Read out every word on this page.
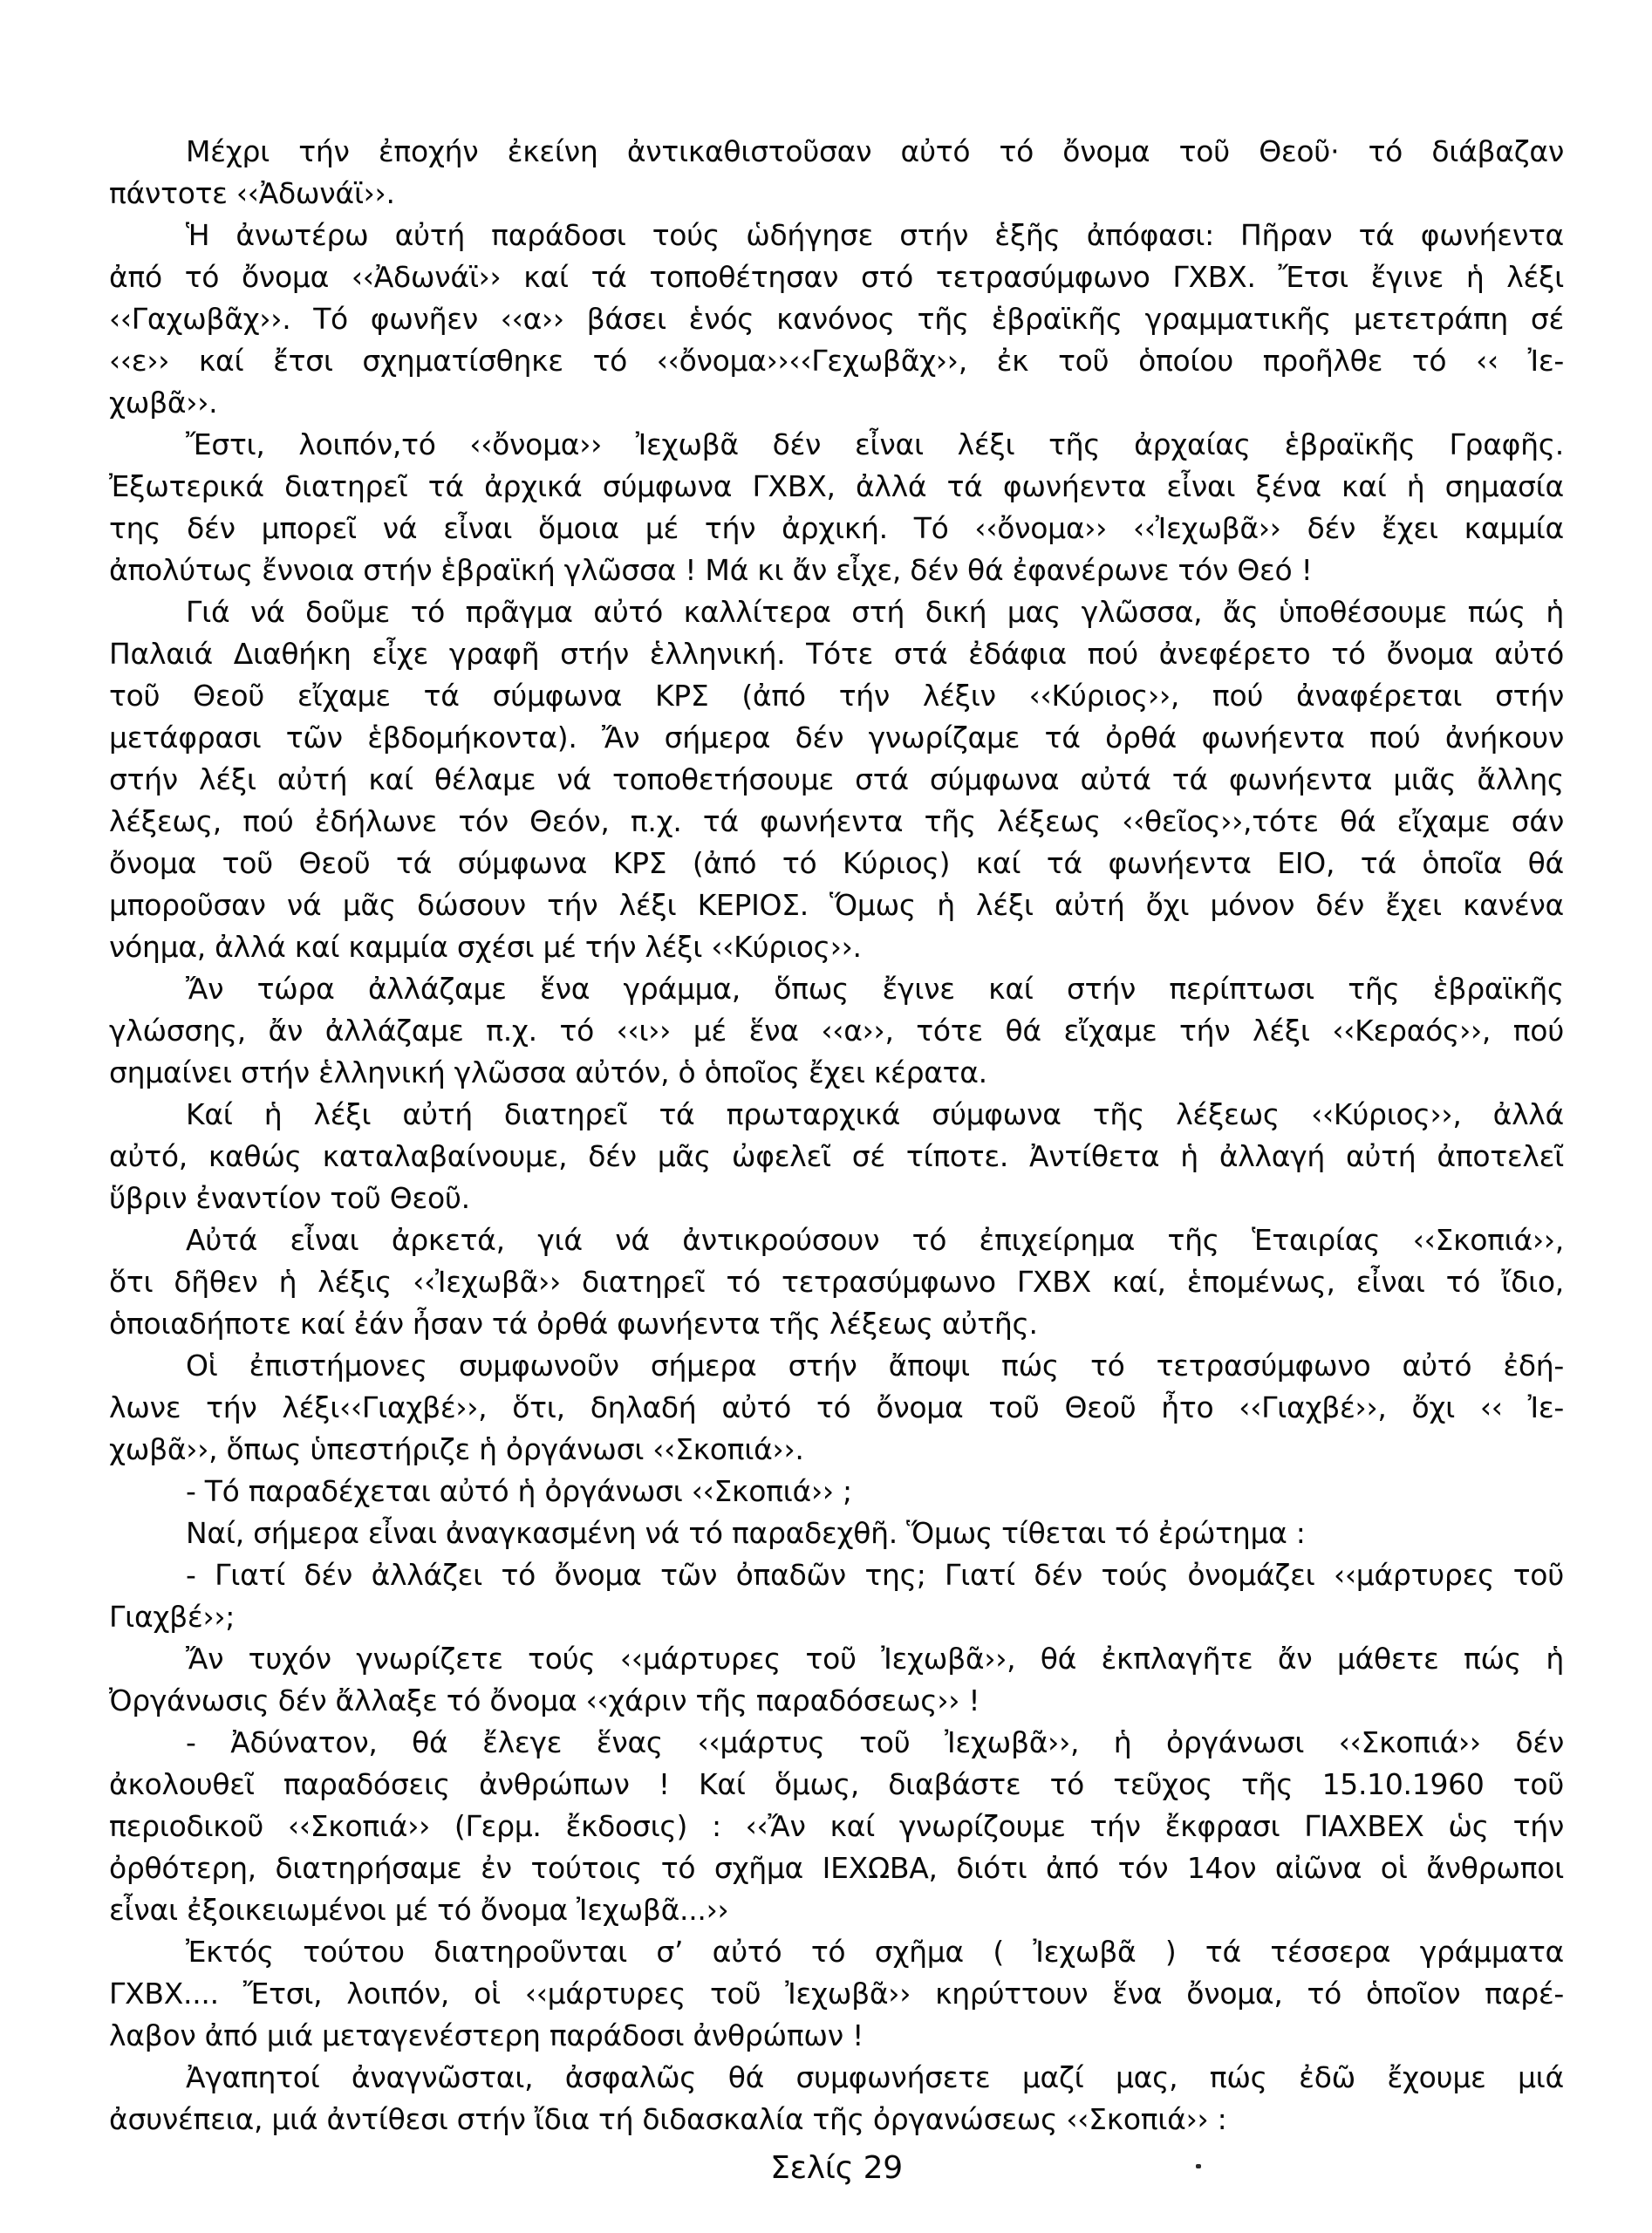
Μέχρι τήν ἐποχήν ἐκείνη ἀντικαθιστοῦσαν αὐτό τό ὄνομα τοῦ Θεοῦ· τό διάβαζαν
πάντοτε ‹‹Ἀδωνάϊ››.
Ἡ ἀνωτέρω αὐτή παράδοσι τούς ὡδήγησε στήν ἑξῆς ἀπόφασι: Πῆραν τά φωνήεντα
ἀπό τό ὄνομα ‹‹Ἀδωνάϊ›› καί τά τοποθέτησαν στό τετρασύμφωνο ΓΧΒΧ. Ἔτσι ἔγινε ἡ λέξι
‹‹Γαχωβᾶχ››. Τό φωνῆεν ‹‹α›› βάσει ἑνός κανόνος τῆς ἑβραϊκῆς γραμματικῆς μετετράπη σέ
‹‹ε›› καί ἔτσι σχηματίσθηκε τό ‹‹ὄνομα››‹‹Γεχωβᾶχ››, ἐκ τοῦ ὁποίου προῆλθε τό ‹‹ Ἰε-
χωβᾶ››.
Ἔστι, λοιπόν,τό ‹‹ὄνομα›› Ἰεχωβᾶ δέν εἶναι λέξι τῆς ἀρχαίας ἑβραϊκῆς Γραφῆς.
Ἐξωτερικά διατηρεῖ τά ἀρχικά σύμφωνα ΓΧΒΧ, ἀλλά τά φωνήεντα εἶναι ξένα καί ἡ σημασία
της δέν μπορεῖ νά εἶναι ὅμοια μέ τήν ἀρχική. Τό ‹‹ὄνομα›› ‹‹Ἰεχωβᾶ›› δέν ἔχει καμμία
ἀπολύτως ἔννοια στήν ἑβραϊκή γλῶσσα ! Μά κι ἄν εἶχε, δέν θά ἐφανέρωνε τόν Θεό !
Γιά νά δοῦμε τό πρᾶγμα αὐτό καλλίτερα στή δική μας γλῶσσα, ἄς ὑποθέσουμε πώς ἡ
Παλαιά Διαθήκη εἶχε γραφῆ στήν ἑλληνική. Τότε στά ἐδάφια πού ἀνεφέρετο τό ὄνομα αὐτό
τοῦ Θεοῦ εἴχαμε τά σύμφωνα ΚΡΣ (ἀπό τήν λέξιν ‹‹Κύριος››, πού ἀναφέρεται στήν
μετάφρασι τῶν ἑβδομήκοντα). Ἄν σήμερα δέν γνωρίζαμε τά ὀρθά φωνήεντα πού ἀνήκουν
στήν λέξι αὐτή καί θέλαμε νά τοποθετήσουμε στά σύμφωνα αὐτά τά φωνήεντα μιᾶς ἄλλης
λέξεως, πού ἐδήλωνε τόν Θεόν, π.χ. τά φωνήεντα τῆς λέξεως ‹‹θεῖος››,τότε θά εἴχαμε σάν
ὄνομα τοῦ Θεοῦ τά σύμφωνα ΚΡΣ (ἀπό τό Κύριος) καί τά φωνήεντα ΕΙΟ, τά ὁποῖα θά
μποροῦσαν νά μᾶς δώσουν τήν λέξι ΚΕΡΙΟΣ. Ὅμως ἡ λέξι αὐτή ὄχι μόνον δέν ἔχει κανένα
νόημα, ἀλλά καί καμμία σχέσι μέ τήν λέξι ‹‹Κύριος››.
Ἄν τώρα ἀλλάζαμε ἕνα γράμμα, ὅπως ἔγινε καί στήν περίπτωσι τῆς ἑβραϊκῆς
γλώσσης, ἄν ἀλλάζαμε π.χ. τό ‹‹ι›› μέ ἕνα ‹‹α››, τότε θά εἴχαμε τήν λέξι ‹‹Κεραός››, πού
σημαίνει στήν ἑλληνική γλῶσσα αὐτόν, ὁ ὁποῖος ἔχει κέρατα.
Καί ἡ λέξι αὐτή διατηρεῖ τά πρωταρχικά σύμφωνα τῆς λέξεως ‹‹Κύριος››, ἀλλά
αὐτό, καθώς καταλαβαίνουμε, δέν μᾶς ὠφελεῖ σέ τίποτε. Ἀντίθετα ἡ ἀλλαγή αὐτή ἀποτελεῖ
ὕβριν ἐναντίον τοῦ Θεοῦ.
Αὐτά εἶναι ἀρκετά, γιά νά ἀντικρούσουν τό ἐπιχείρημα τῆς Ἑταιρίας ‹‹Σκοπιά››,
ὅτι δῆθεν ἡ λέξις ‹‹Ἰεχωβᾶ›› διατηρεῖ τό τετρασύμφωνο ΓΧΒΧ καί, ἑπομένως, εἶναι τό ἴδιο,
ὁποιαδήποτε καί ἐάν ἦσαν τά ὀρθά φωνήεντα τῆς λέξεως αὐτῆς.
Οἱ ἐπιστήμονες συμφωνοῦν σήμερα στήν ἄποψι πώς τό τετρασύμφωνο αὐτό ἐδή-
λωνε τήν λέξι‹‹Γιαχβέ››, ὅτι, δηλαδή αὐτό τό ὄνομα τοῦ Θεοῦ ἦτο ‹‹Γιαχβέ››, ὄχι ‹‹ Ἰε-
χωβᾶ››, ὅπως ὑπεστήριζε ἡ ὀργάνωσι ‹‹Σκοπιά››.
- Τό παραδέχεται αὐτό ἡ ὀργάνωσι ‹‹Σκοπιά›› ;
Ναί, σήμερα εἶναι ἀναγκασμένη νά τό παραδεχθῆ. Ὅμως τίθεται τό ἐρώτημα :
- Γιατί δέν ἀλλάζει τό ὄνομα τῶν ὀπαδῶν της; Γιατί δέν τούς ὀνομάζει ‹‹μάρτυρες τοῦ
Γιαχβέ››;
Ἄν τυχόν γνωρίζετε τούς ‹‹μάρτυρες τοῦ Ἰεχωβᾶ››, θά ἐκπλαγῆτε ἄν μάθετε πώς ἡ
Ὀργάνωσις δέν ἄλλαξε τό ὄνομα ‹‹χάριν τῆς παραδόσεως›› !
- Ἀδύνατον, θά ἔλεγε ἕνας ‹‹μάρτυς τοῦ Ἰεχωβᾶ››, ἡ ὀργάνωσι ‹‹Σκοπιά›› δέν
ἀκολουθεῖ παραδόσεις ἀνθρώπων ! Καί ὅμως, διαβάστε τό τεῦχος τῆς 15.10.1960 τοῦ
περιοδικοῦ ‹‹Σκοπιά›› (Γερμ. ἔκδοσις) : ‹‹Ἄν καί γνωρίζουμε τήν ἔκφρασι ΓΙΑΧΒΕΧ ὡς τήν
ὀρθότερη, διατηρήσαμε ἐν τούτοις τό σχῆμα ΙΕΧΩΒΑ, διότι ἀπό τόν 14ον αἰῶνα οἱ ἄνθρωποι
εἶναι ἐξοικειωμένοι μέ τό ὄνομα Ἰεχωβᾶ...››
Ἐκτός τούτου διατηροῦνται σ’ αὐτό τό σχῆμα ( Ἰεχωβᾶ ) τά τέσσερα γράμματα
ΓΧΒΧ.... Ἔτσι, λοιπόν, οἱ ‹‹μάρτυρες τοῦ Ἰεχωβᾶ›› κηρύττουν ἕνα ὄνομα, τό ὁποῖον παρέ-
λαβον ἀπό μιά μεταγενέστερη παράδοσι ἀνθρώπων !
Ἀγαπητοί ἀναγνῶσται, ἀσφαλῶς θά συμφωνήσετε μαζί μας, πώς ἐδῶ ἔχουμε μιά
ἀσυνέπεια, μιά ἀντίθεσι στήν ἴδια τή διδασκαλία τῆς ὀργανώσεως ‹‹Σκοπιά›› :
Σελίς 29
